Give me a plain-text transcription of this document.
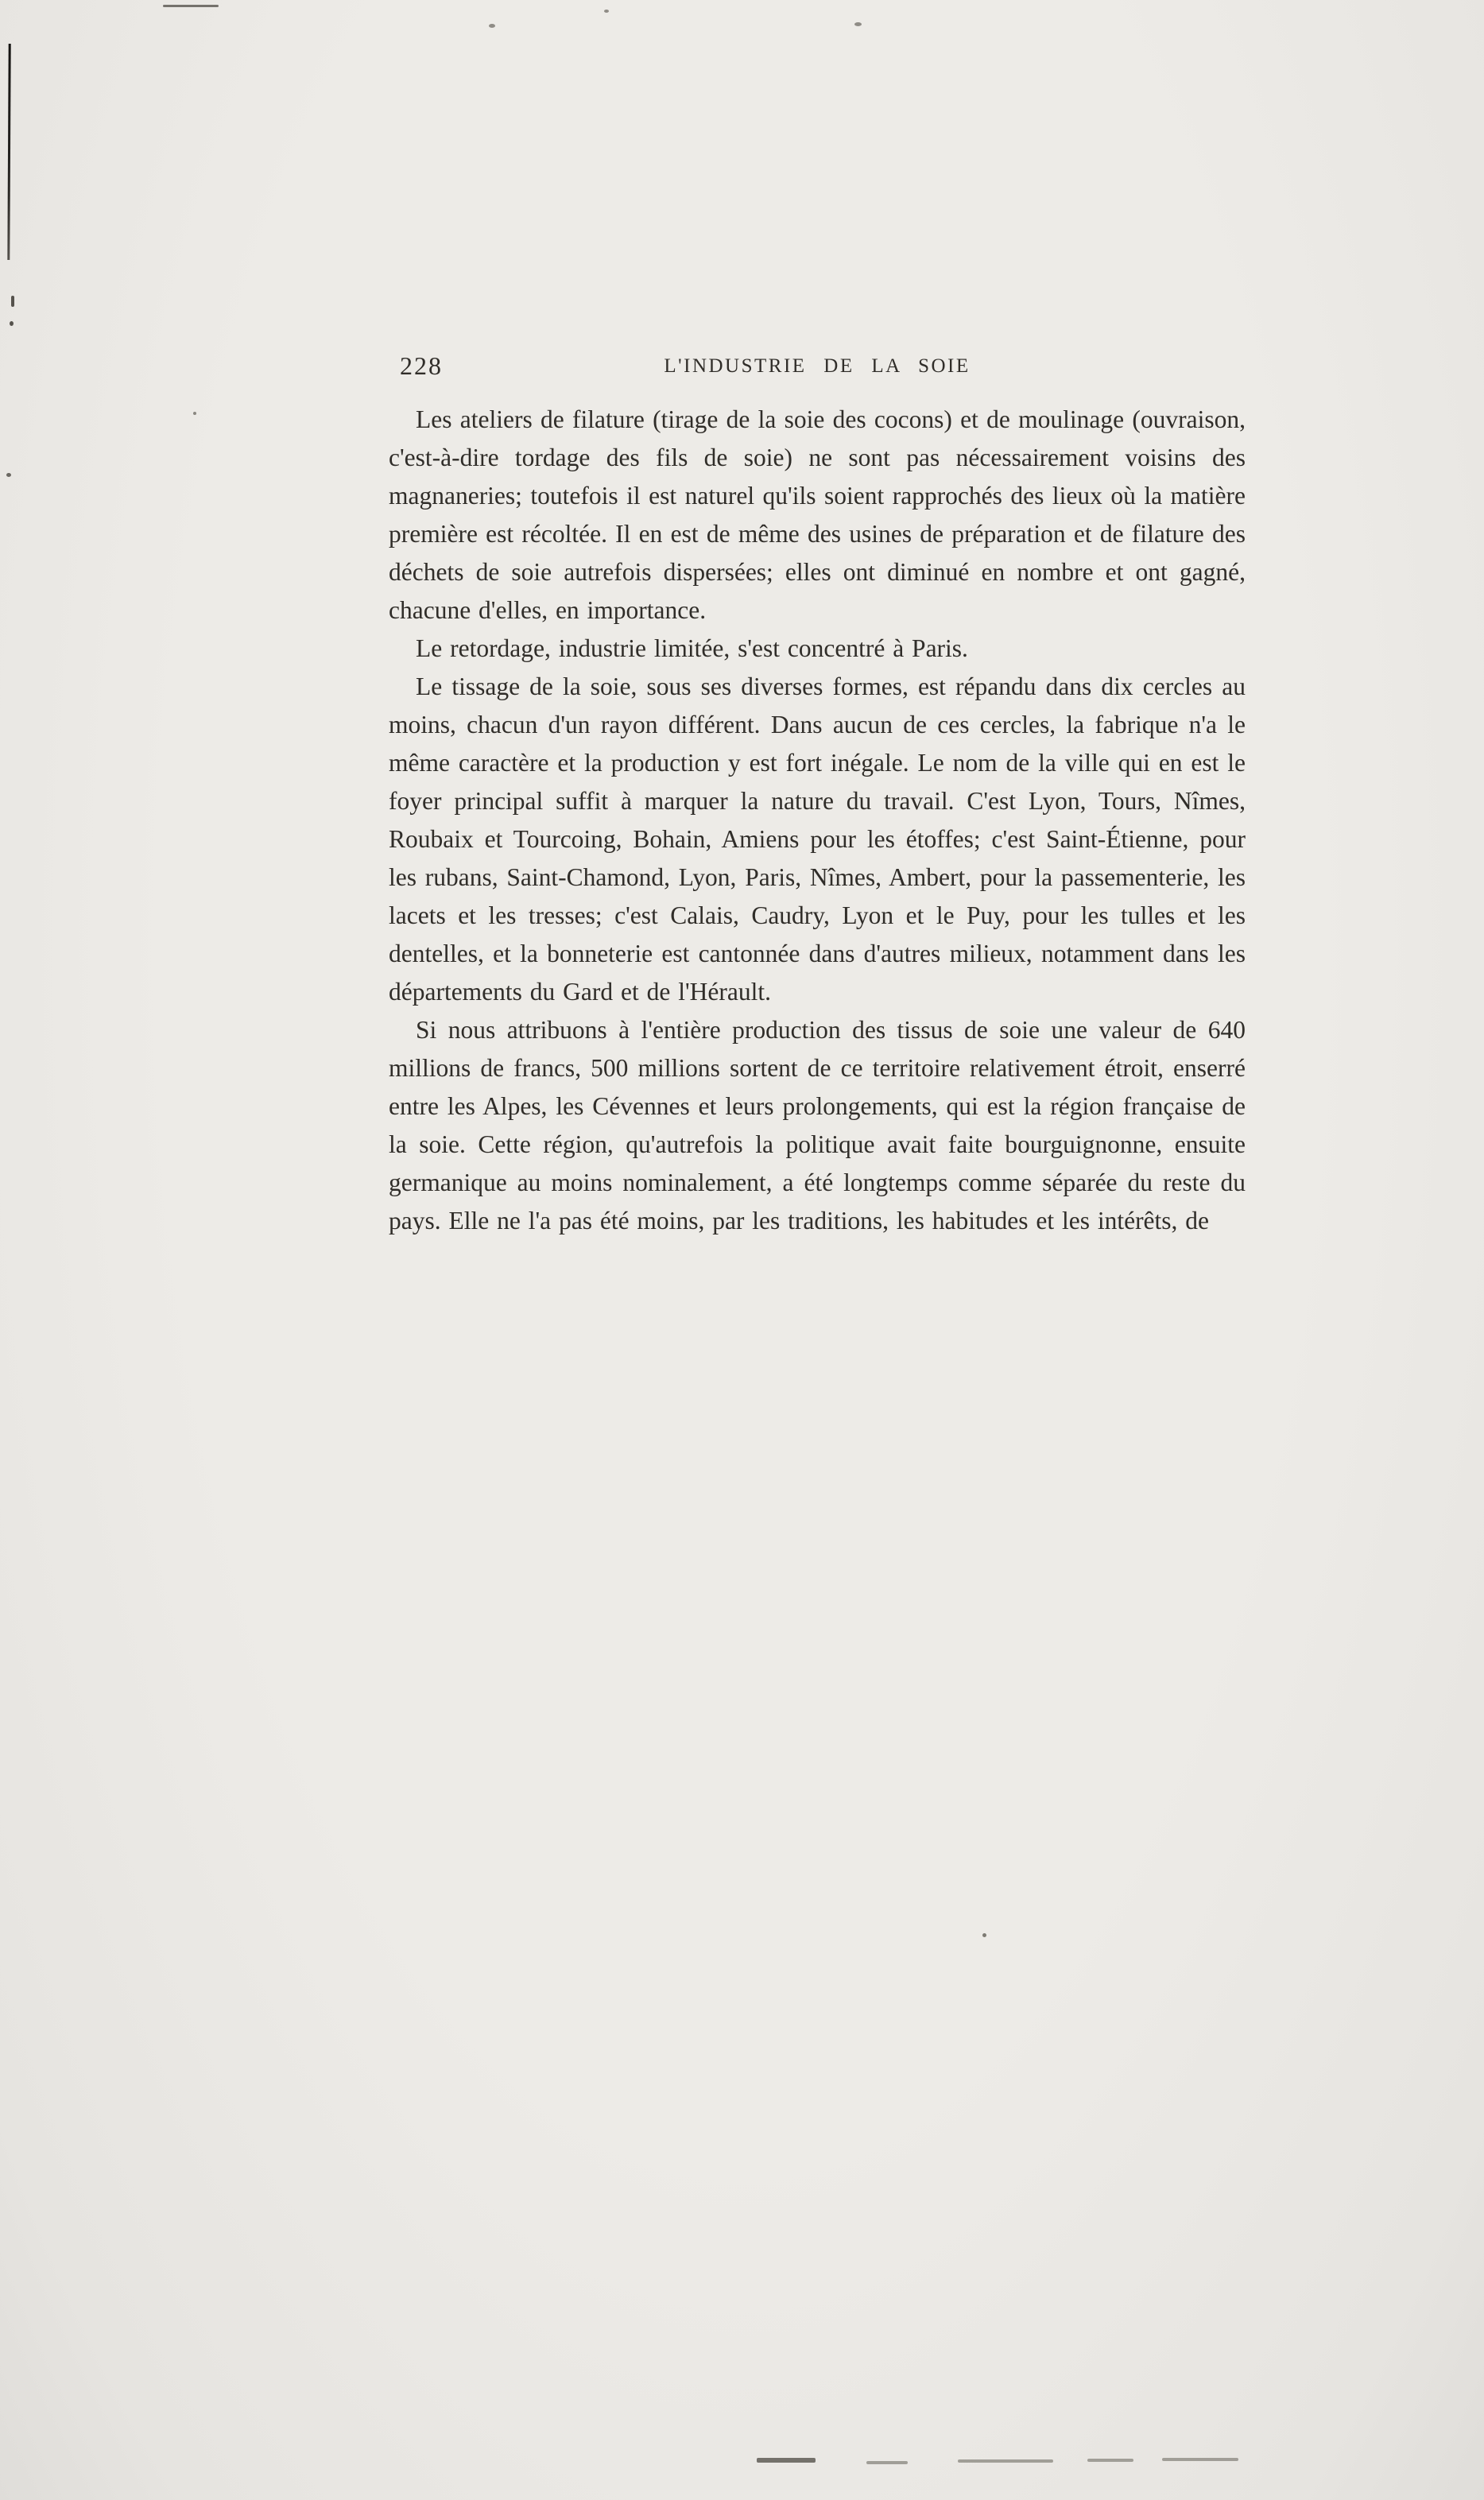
228	L'INDUSTRIE DE LA SOIE

Les ateliers de filature (tirage de la soie des cocons) et de moulinage (ouvraison, c'est-à-dire tordage des fils de soie) ne sont pas nécessairement voisins des magnaneries; toutefois il est naturel qu'ils soient rapprochés des lieux où la matière première est récoltée. Il en est de même des usines de préparation et de filature des déchets de soie autrefois dispersées; elles ont diminué en nombre et ont gagné, chacune d'elles, en importance.

Le retordage, industrie limitée, s'est concentré à Paris.

Le tissage de la soie, sous ses diverses formes, est répandu dans dix cercles au moins, chacun d'un rayon différent. Dans aucun de ces cercles, la fabrique n'a le même caractère et la production y est fort inégale. Le nom de la ville qui en est le foyer principal suffit à marquer la nature du travail. C'est Lyon, Tours, Nîmes, Roubaix et Tourcoing, Bohain, Amiens pour les étoffes; c'est Saint-Étienne, pour les rubans, Saint-Chamond, Lyon, Paris, Nîmes, Ambert, pour la passementerie, les lacets et les tresses; c'est Calais, Caudry, Lyon et le Puy, pour les tulles et les dentelles, et la bonneterie est cantonnée dans d'autres milieux, notamment dans les départements du Gard et de l'Hérault.

Si nous attribuons à l'entière production des tissus de soie une valeur de 640 millions de francs, 500 millions sortent de ce territoire relativement étroit, enserré entre les Alpes, les Cévennes et leurs prolongements, qui est la région française de la soie. Cette région, qu'autrefois la politique avait faite bourguignonne, ensuite germanique au moins nominalement, a été longtemps comme séparée du reste du pays. Elle ne l'a pas été moins, par les traditions, les habitudes et les intérêts, de
